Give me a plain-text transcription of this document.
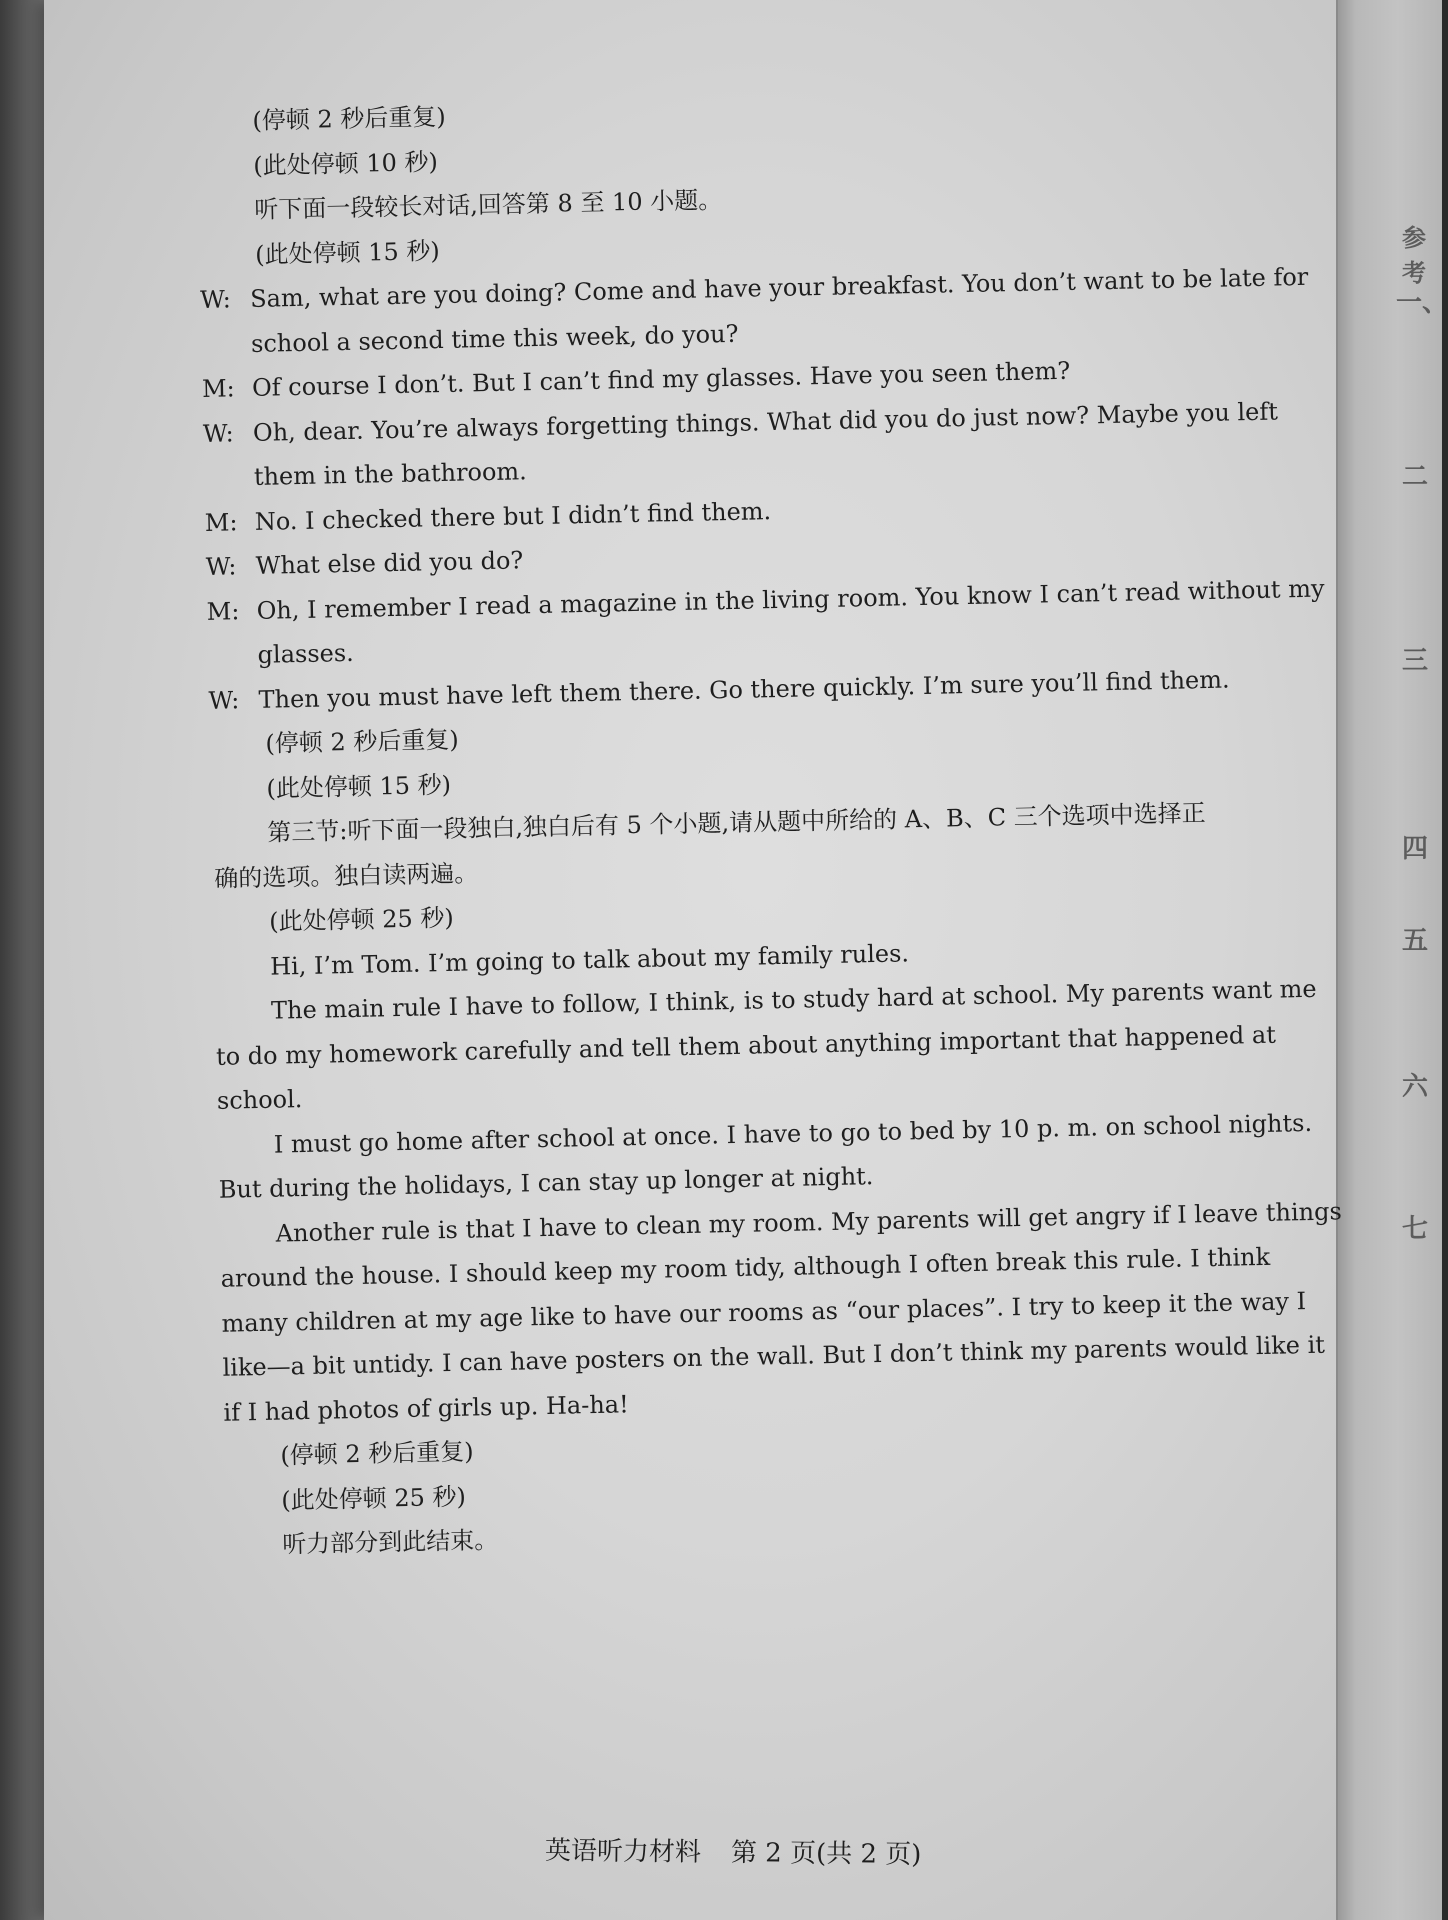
参考
一、
二
三
四
五
六
七
(停顿 2 秒后重复)
(此处停顿 10 秒)
听下面一段较长对话,回答第 8 至 10 小题。
(此处停顿 15 秒)
W: Sam, what are you doing? Come and have your breakfast. You don’t want to be late for
school a second time this week, do you?
M: Of course I don’t. But I can’t find my glasses. Have you seen them?
W: Oh, dear. You’re always forgetting things. What did you do just now? Maybe you left
them in the bathroom.
M: No. I checked there but I didn’t find them.
W: What else did you do?
M: Oh, I remember I read a magazine in the living room. You know I can’t read without my
glasses.
W: Then you must have left them there. Go there quickly. I’m sure you’ll find them.
(停顿 2 秒后重复)
(此处停顿 15 秒)
第三节:听下面一段独白,独白后有 5 个小题,请从题中所给的 A、B、C 三个选项中选择正
确的选项。独白读两遍。
(此处停顿 25 秒)
Hi, I’m Tom. I’m going to talk about my family rules.
The main rule I have to follow, I think, is to study hard at school. My parents want me
to do my homework carefully and tell them about anything important that happened at
school.
I must go home after school at once. I have to go to bed by 10 p. m. on school nights.
But during the holidays, I can stay up longer at night.
Another rule is that I have to clean my room. My parents will get angry if I leave things
around the house. I should keep my room tidy, although I often break this rule. I think
many children at my age like to have our rooms as “our places”. I try to keep it the way I
like—a bit untidy. I can have posters on the wall. But I don’t think my parents would like it
if I had photos of girls up. Ha-ha!
(停顿 2 秒后重复)
(此处停顿 25 秒)
听力部分到此结束。
英语听力材料 第 2 页(共 2 页)
